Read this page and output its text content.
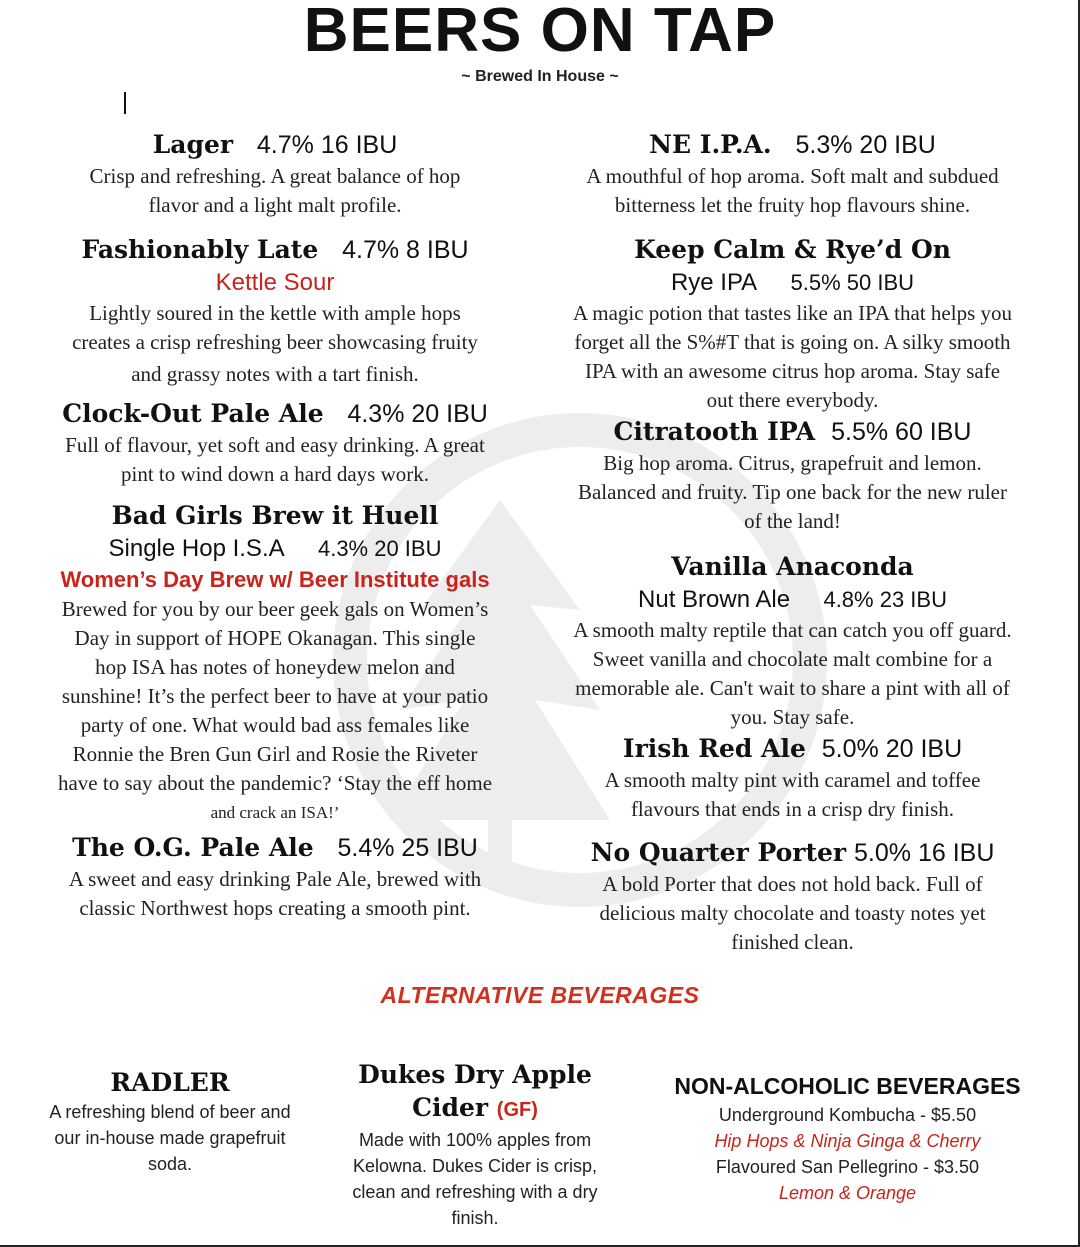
BEERS ON TAP
~ Brewed In House ~
Lager 4.7% 16 IBU
Crisp and refreshing. A great balance of hop
flavor and a light malt profile.
Fashionably Late 4.7% 8 IBU
Kettle Sour
Lightly soured in the kettle with ample hops
creates a crisp refreshing beer showcasing fruity
and grassy notes with a tart finish.
Clock-Out Pale Ale 4.3% 20 IBU
Full of flavour, yet soft and easy drinking. A great
pint to wind down a hard days work.
Bad Girls Brew it Huell
Single Hop I.S.A 4.3% 20 IBU
Women’s Day Brew w/ Beer Institute gals
Brewed for you by our beer geek gals on Women’s
Day in support of HOPE Okanagan. This single
hop ISA has notes of honeydew melon and
sunshine! It’s the perfect beer to have at your patio
party of one. What would bad ass females like
Ronnie the Bren Gun Girl and Rosie the Riveter
have to say about the pandemic? ‘Stay the eff home
and crack an ISA!’
The O.G. Pale Ale 5.4% 25 IBU
A sweet and easy drinking Pale Ale, brewed with
classic Northwest hops creating a smooth pint.
NE I.P.A. 5.3% 20 IBU
A mouthful of hop aroma. Soft malt and subdued
bitterness let the fruity hop flavours shine.
Keep Calm & Rye’d On
Rye IPA 5.5% 50 IBU
A magic potion that tastes like an IPA that helps you
forget all the S%#T that is going on. A silky smooth
IPA with an awesome citrus hop aroma. Stay safe
out there everybody.
Citratooth IPA 5.5% 60 IBU
Big hop aroma. Citrus, grapefruit and lemon.
Balanced and fruity. Tip one back for the new ruler
of the land!
Vanilla Anaconda
Nut Brown Ale 4.8% 23 IBU
A smooth malty reptile that can catch you off guard.
Sweet vanilla and chocolate malt combine for a
memorable ale. Can't wait to share a pint with all of
you. Stay safe.
Irish Red Ale 5.0% 20 IBU
A smooth malty pint with caramel and toffee
flavours that ends in a crisp dry finish.
No Quarter Porter 5.0% 16 IBU
A bold Porter that does not hold back. Full of
delicious malty chocolate and toasty notes yet
finished clean.
ALTERNATIVE BEVERAGES
RADLER
A refreshing blend of beer and
our in-house made grapefruit
soda.
Dukes Dry Apple
Cider (GF)
Made with 100% apples from
Kelowna. Dukes Cider is crisp,
clean and refreshing with a dry
finish.
NON-ALCOHOLIC BEVERAGES
Underground Kombucha - $5.50
Hip Hops & Ninja Ginga & Cherry
Flavoured San Pellegrino - $3.50
Lemon & Orange
